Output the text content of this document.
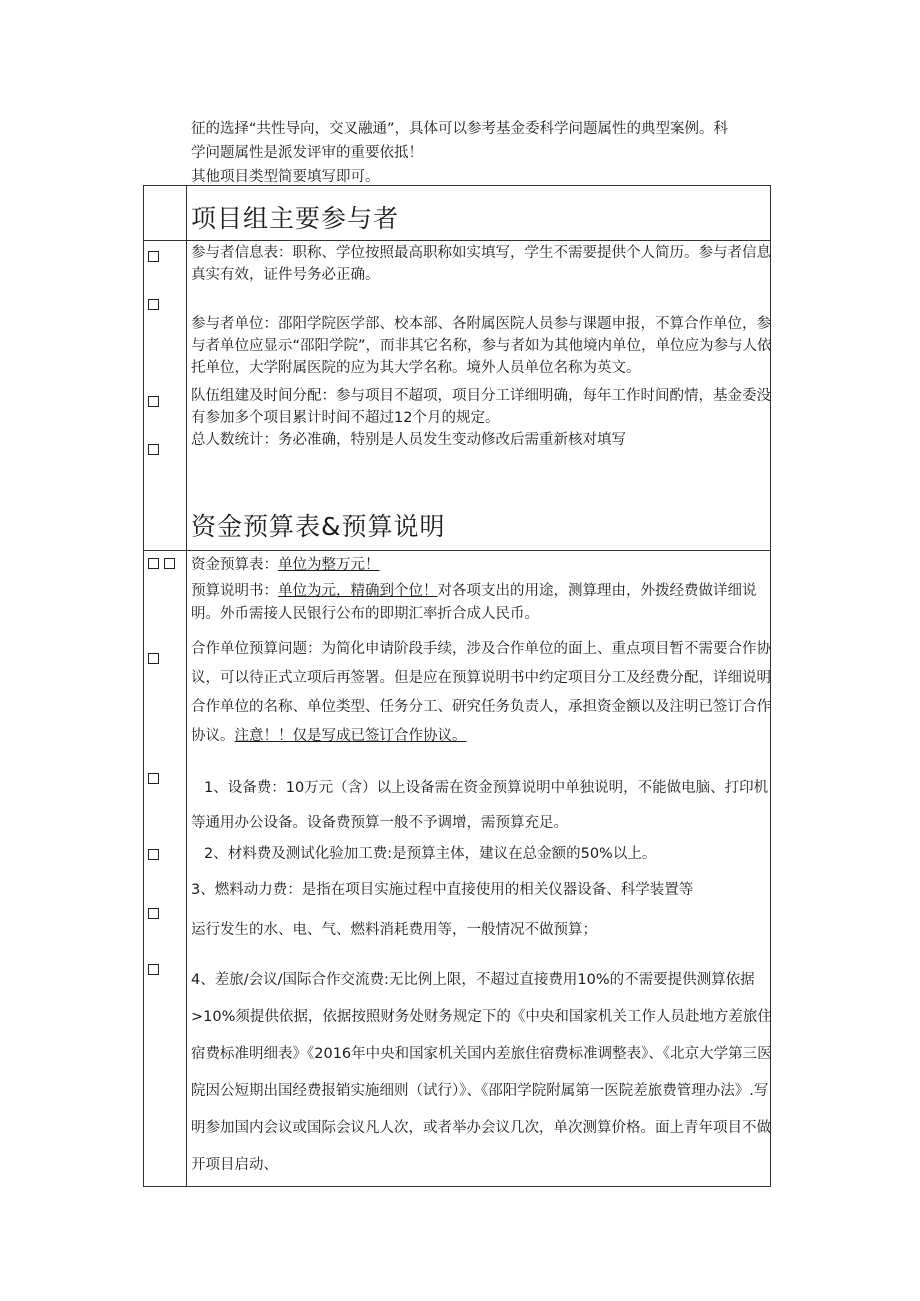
征的选择“共性导向，交叉融通”，具体可以参考基金委科学问题属性的典型案例。科

学问题属性是派发评审的重要依抵！

其他项目类型简要填写即可。

项目组主要参与者

参与者信息表：职称、学位按照最高职称如实填写，学生不需要提供个人简历。参与者信息真实有效，证件号务必正确。

参与者单位：邵阳学院医学部、校本部、各附属医院人员参与课题申报，不算合作单位，参与者单位应显示“邵阳学院”，而非其它名称，参与者如为其他境内单位，单位应为参与人依托单位，大学附属医院的应为其大学名称。境外人员单位名称为英文。

队伍组建及时间分配：参与项目不超项，项目分工详细明确，每年工作时间酌情，基金委没有参加多个项目累计时间不超过12个月的规定。

总人数统计：务必准确，特别是人员发生变动修改后需重新核对填写

资金预算表&预算说明

资金预算表：单位为整万元！

预算说明书：单位为元，精确到个位！对各项支出的用途，测算理由，外拨经费做详细说明。外币需接人民银行公布的即期汇率折合成人民币。

合作单位预算问题：为简化申请阶段手续，涉及合作单位的面上、重点项目暂不需要合作协议，可以待正式立项后再签署。但是应在预算说明书中约定项目分工及经费分配，详细说明合作单位的名称、单位类型、任务分工、研究任务负责人，承担资金额以及注明已签订合作协议。注意！！仅是写成已签订合作协议。

1、设备费：10万元（含）以上设备需在资金预算说明中单独说明，不能做电脑、打印机等通用办公设备。设备费预算一般不予调增，需预算充足。

2、材料费及测试化验加工费:是预算主体，建议在总金额的50%以上。

3、燃料动力费：是指在项目实施过程中直接使用的相关仪器设备、科学装置等

运行发生的水、电、气、燃料消耗费用等，一般情况不做预算；

4、差旅/会议/国际合作交流费:无比例上限，不超过直接费用10%的不需要提供测算依据>10%须提供依据，依据按照财务处财务规定下的《中央和国家机关工作人员赴地方差旅住宿费标准明细表》《2016年中央和国家机关国内差旅住宿费标准调整表》、《北京大学第三医院因公短期出国经费报销实施细则（试行）》、《邵阳学院附属第一医院差旅费管理办法》.写明参加国内会议或国际会议凡人次，或者举办会议几次，单次测算价格。面上青年项目不做开项目启动、
